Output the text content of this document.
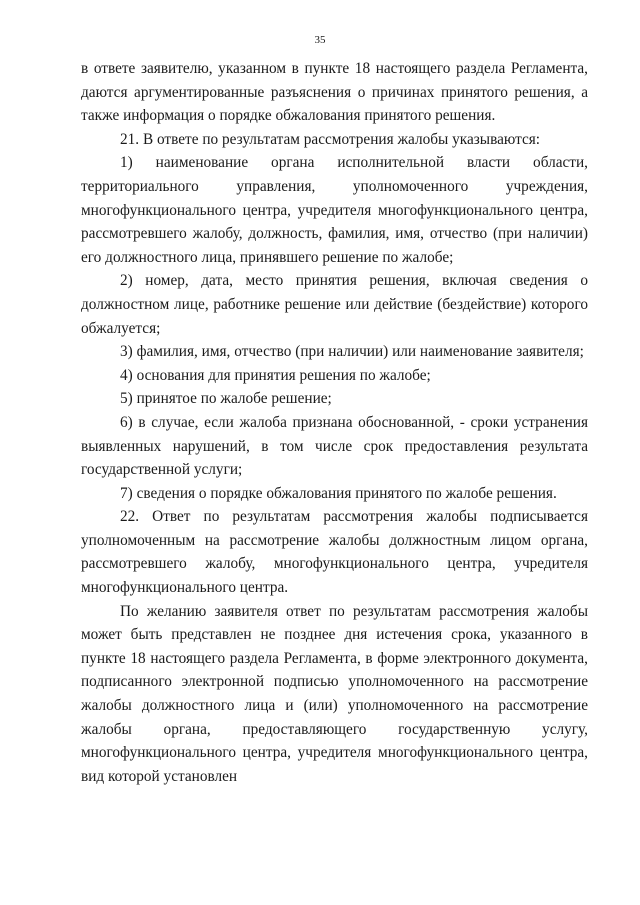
35

в ответе заявителю, указанном в пункте 18 настоящего раздела Регламента, даются аргументированные разъяснения о причинах принятого решения, а также информация о порядке обжалования принятого решения.

21. В ответе по результатам рассмотрения жалобы указываются:

1) наименование органа исполнительной власти области, территориального управления, уполномоченного учреждения, многофункционального центра, учредителя многофункционального центра, рассмотревшего жалобу, должность, фамилия, имя, отчество (при наличии) его должностного лица, принявшего решение по жалобе;

2) номер, дата, место принятия решения, включая сведения о должностном лице, работнике решение или действие (бездействие) которого обжалуется;

3) фамилия, имя, отчество (при наличии) или наименование заявителя;

4) основания для принятия решения по жалобе;

5) принятое по жалобе решение;

6) в случае, если жалоба признана обоснованной, - сроки устранения выявленных нарушений, в том числе срок предоставления результата государственной услуги;

7) сведения о порядке обжалования принятого по жалобе решения.

22. Ответ по результатам рассмотрения жалобы подписывается уполномоченным на рассмотрение жалобы должностным лицом органа, рассмотревшего жалобу, многофункционального центра, учредителя многофункционального центра.

По желанию заявителя ответ по результатам рассмотрения жалобы может быть представлен не позднее дня истечения срока, указанного в пункте 18 настоящего раздела Регламента, в форме электронного документа, подписанного электронной подписью уполномоченного на рассмотрение жалобы должностного лица и (или) уполномоченного на рассмотрение жалобы органа, предоставляющего государственную услугу, многофункционального центра, учредителя многофункционального центра, вид которой установлен
